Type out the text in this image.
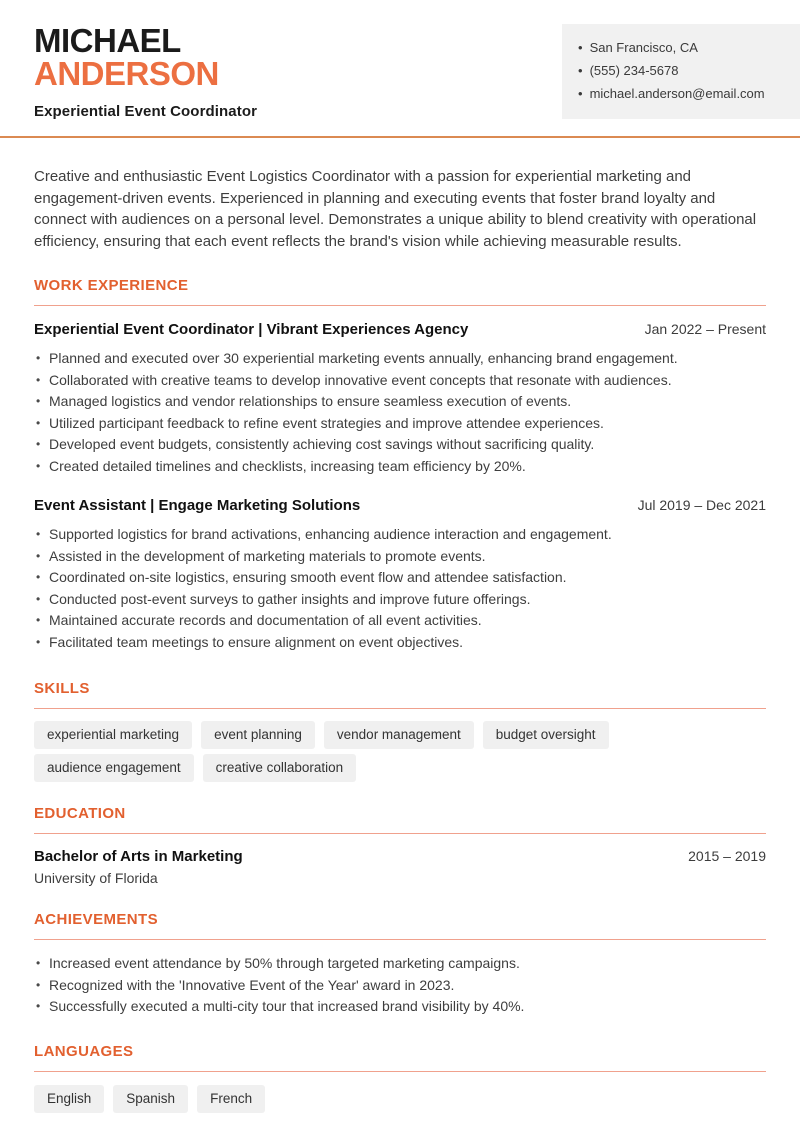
MICHAEL
ANDERSON
Experiential Event Coordinator
• San Francisco, CA
• (555) 234-5678
• michael.anderson@email.com

Creative and enthusiastic Event Logistics Coordinator with a passion for experiential marketing and engagement-driven events. Experienced in planning and executing events that foster brand loyalty and connect with audiences on a personal level. Demonstrates a unique ability to blend creativity with operational efficiency, ensuring that each event reflects the brand's vision while achieving measurable results.

WORK EXPERIENCE
Experiential Event Coordinator | Vibrant Experiences Agency	Jan 2022 – Present
• Planned and executed over 30 experiential marketing events annually, enhancing brand engagement.
• Collaborated with creative teams to develop innovative event concepts that resonate with audiences.
• Managed logistics and vendor relationships to ensure seamless execution of events.
• Utilized participant feedback to refine event strategies and improve attendee experiences.
• Developed event budgets, consistently achieving cost savings without sacrificing quality.
• Created detailed timelines and checklists, increasing team efficiency by 20%.
Event Assistant | Engage Marketing Solutions	Jul 2019 – Dec 2021
• Supported logistics for brand activations, enhancing audience interaction and engagement.
• Assisted in the development of marketing materials to promote events.
• Coordinated on-site logistics, ensuring smooth event flow and attendee satisfaction.
• Conducted post-event surveys to gather insights and improve future offerings.
• Maintained accurate records and documentation of all event activities.
• Facilitated team meetings to ensure alignment on event objectives.
SKILLS
experiential marketing	event planning	vendor management	budget oversight
audience engagement	creative collaboration
EDUCATION
Bachelor of Arts in Marketing	2015 – 2019
University of Florida
ACHIEVEMENTS
• Increased event attendance by 50% through targeted marketing campaigns.
• Recognized with the 'Innovative Event of the Year' award in 2023.
• Successfully executed a multi-city tour that increased brand visibility by 40%.
LANGUAGES
English	Spanish	French
